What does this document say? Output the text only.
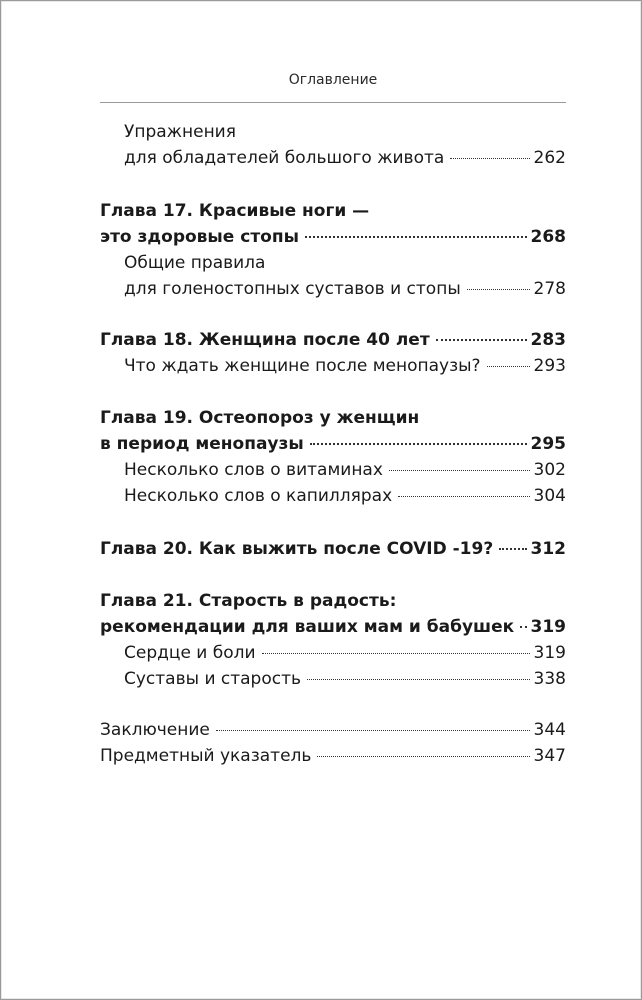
Оглавление
Упражнения
для обладателей большого живота	262
Глава 17. Красивые ноги —
это здоровые стопы	268
Общие правила
для голеностопных суставов и стопы	278
Глава 18. Женщина после 40 лет	283
Что ждать женщине после менопаузы?	293
Глава 19. Остеопороз у женщин
в период менопаузы	295
Несколько слов о витаминах	302
Несколько слов о капиллярах	304
Глава 20. Как выжить после COVID -19? 312
Глава 21. Старость в радость:
рекомендации для ваших мам и бабушек 319
Сердце и боли	319
Суставы и старость	338
Заключение	344
Предметный указатель	347
